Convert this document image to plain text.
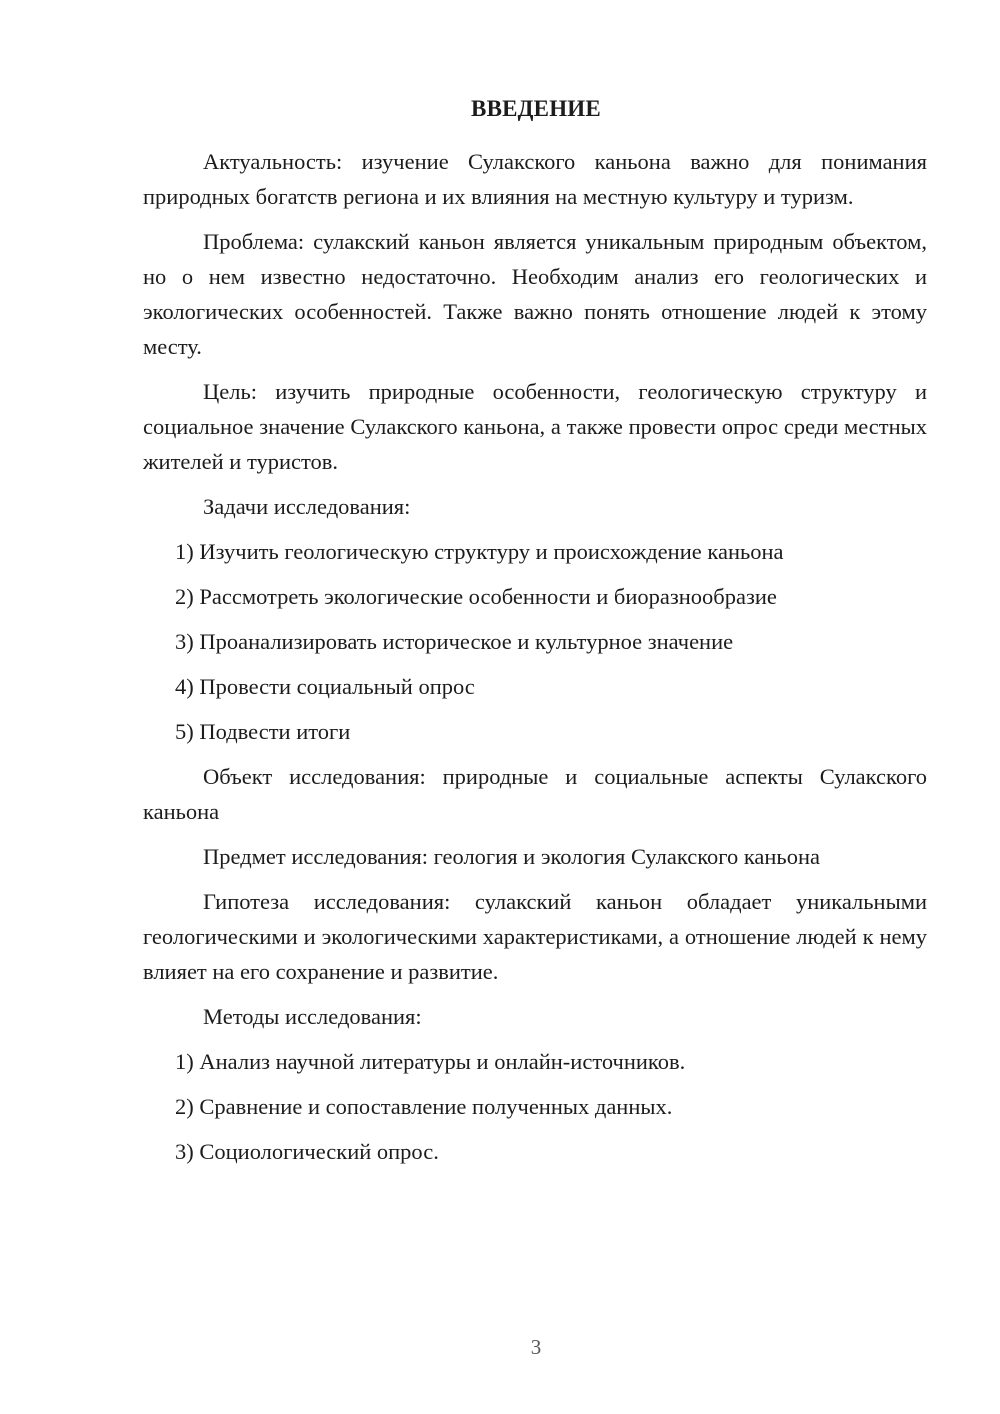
ВВЕДЕНИЕ

Актуальность: изучение Сулакского каньона важно для понимания природных богатств региона и их влияния на местную культуру и туризм.

Проблема: сулакский каньон является уникальным природным объектом, но о нем известно недостаточно. Необходим анализ его геологических и экологических особенностей. Также важно понять отношение людей к этому месту.

Цель: изучить природные особенности, геологическую структуру и социальное значение Сулакского каньона, а также провести опрос среди местных жителей и туристов.

Задачи исследования:

1) Изучить геологическую структуру и происхождение каньона

2) Рассмотреть экологические особенности и биоразнообразие

3) Проанализировать историческое и культурное значение

4) Провести социальный опрос

5) Подвести итоги

Объект исследования: природные и социальные аспекты Сулакского каньона

Предмет исследования: геология и экология Сулакского каньона

Гипотеза исследования: сулакский каньон обладает уникальными геологическими и экологическими характеристиками, а отношение людей к нему влияет на его сохранение и развитие.

Методы исследования:

1) Анализ научной литературы и онлайн-источников.

2) Сравнение и сопоставление полученных данных.

3) Социологический опрос.

3
